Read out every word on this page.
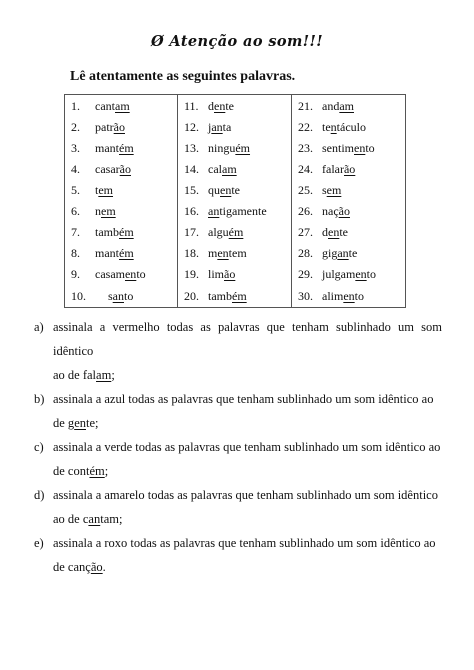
Ø Atenção ao som!!!
Lê atentamente as seguintes palavras.
1. cantam	11. dente	21. andam
2. patrão	12. janta	22. tentáculo
3. mantém	13. ninguém	23. sentimento
4. casarão	14. calam	24. falarão
5. tem	15. quente	25. sem
6. nem	16. antigamente	26. nação
7. também	17. alguém	27. dente
8. mantém	18. mentem	28. gigante
9. casamento	19. limão	29. julgamento
10. santo	20. também	30. alimento
a) assinala a vermelho todas as palavras que tenham sublinhado um som idêntico
ao de falam;
b) assinala a azul todas as palavras que tenham sublinhado um som idêntico ao
de gente;
c) assinala a verde todas as palavras que tenham sublinhado um som idêntico ao
de contém;
d) assinala a amarelo todas as palavras que tenham sublinhado um som idêntico
ao de cantam;
e) assinala a roxo todas as palavras que tenham sublinhado um som idêntico ao
de canção.
